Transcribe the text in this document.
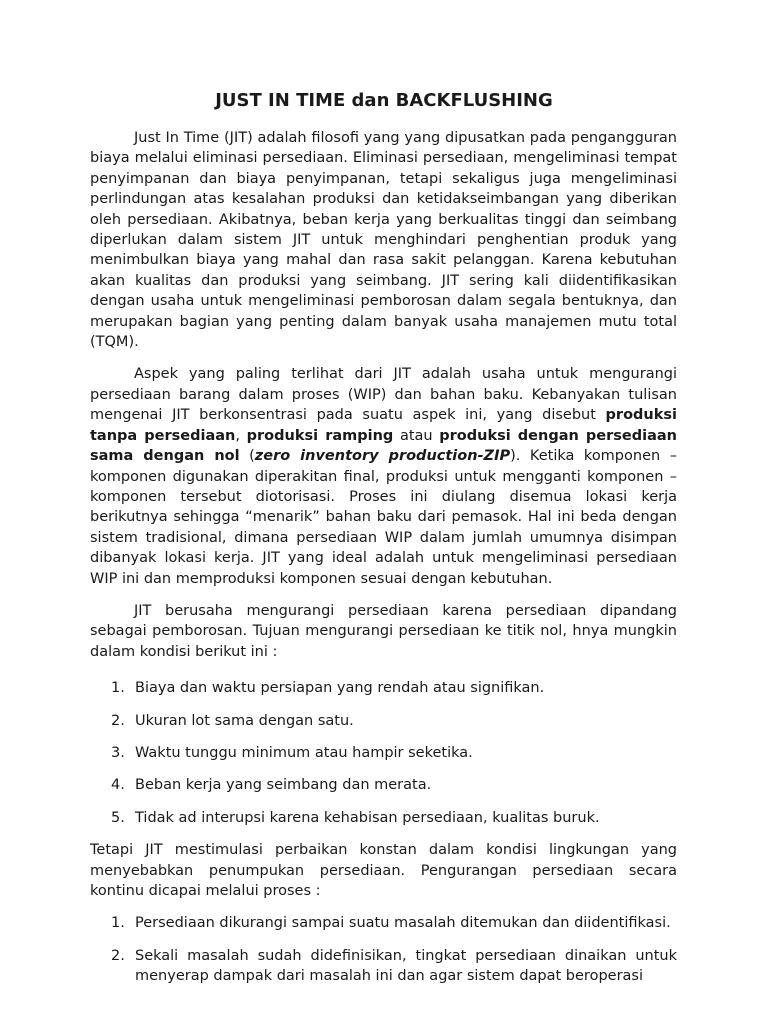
JUST IN TIME dan BACKFLUSHING

Just In Time (JIT) adalah filosofi yang yang dipusatkan pada pengangguran biaya melalui eliminasi persediaan. Eliminasi persediaan, mengeliminasi tempat penyimpanan dan biaya penyimpanan, tetapi sekaligus juga mengeliminasi perlindungan atas kesalahan produksi dan ketidakseimbangan yang diberikan oleh persediaan. Akibatnya, beban kerja yang berkualitas tinggi dan seimbang diperlukan dalam sistem JIT untuk menghindari penghentian produk yang menimbulkan biaya yang mahal dan rasa sakit pelanggan. Karena kebutuhan akan kualitas dan produksi yang seimbang. JIT sering kali diidentifikasikan dengan usaha untuk mengeliminasi pemborosan dalam segala bentuknya, dan merupakan bagian yang penting dalam banyak usaha manajemen mutu total (TQM).

Aspek yang paling terlihat dari JIT adalah usaha untuk mengurangi persediaan barang dalam proses (WIP) dan bahan baku. Kebanyakan tulisan mengenai JIT berkonsentrasi pada suatu aspek ini, yang disebut produksi tanpa persediaan, produksi ramping atau produksi dengan persediaan sama dengan nol (zero inventory production-ZIP). Ketika komponen – komponen digunakan diperakitan final, produksi untuk mengganti komponen – komponen tersebut diotorisasi. Proses ini diulang disemua lokasi kerja berikutnya sehingga “menarik” bahan baku dari pemasok. Hal ini beda dengan sistem tradisional, dimana persediaan WIP dalam jumlah umumnya disimpan dibanyak lokasi kerja. JIT yang ideal adalah untuk mengeliminasi persediaan WIP ini dan memproduksi komponen sesuai dengan kebutuhan.

JIT berusaha mengurangi persediaan karena persediaan dipandang sebagai pemborosan. Tujuan mengurangi persediaan ke titik nol, hnya mungkin dalam kondisi berikut ini :

1. Biaya dan waktu persiapan yang rendah atau signifikan.
2. Ukuran lot sama dengan satu.
3. Waktu tunggu minimum atau hampir seketika.
4. Beban kerja yang seimbang dan merata.
5. Tidak ad interupsi karena kehabisan persediaan, kualitas buruk.

Tetapi JIT mestimulasi perbaikan konstan dalam kondisi lingkungan yang menyebabkan penumpukan persediaan. Pengurangan persediaan secara kontinu dicapai melalui proses :

1. Persediaan dikurangi sampai suatu masalah ditemukan dan diidentifikasi.
2. Sekali masalah sudah didefinisikan, tingkat persediaan dinaikan untuk menyerap dampak dari masalah ini dan agar sistem dapat beroperasi
